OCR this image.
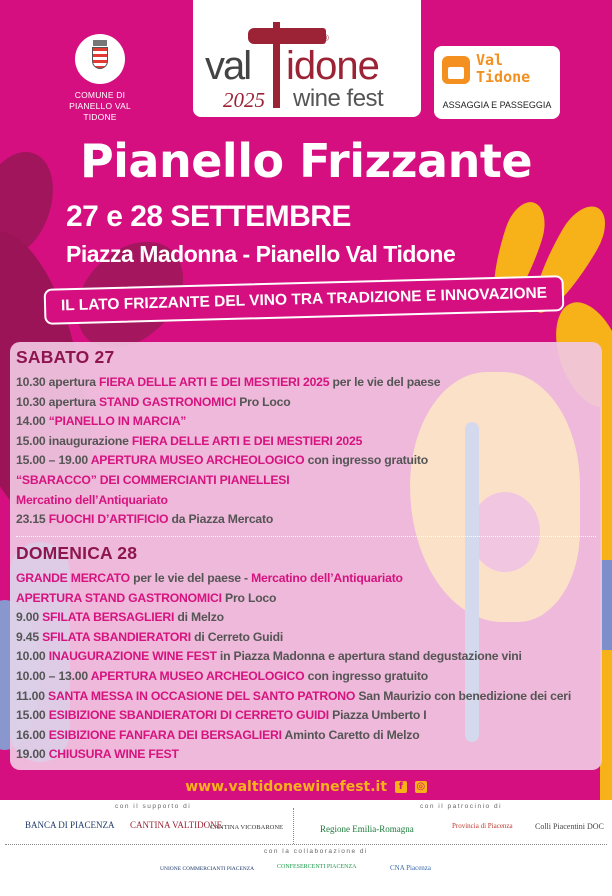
COMUNE DI
PIANELLO VAL TIDONE
®
val idone
2025 wine fest
Val
Tidone
ASSAGGIA E PASSEGGIA
Pianello Frizzante
27 e 28 SETTEMBRE
Piazza Madonna - Pianello Val Tidone
IL LATO FRIZZANTE DEL VINO TRA TRADIZIONE E INNOVAZIONE
SABATO 27
10.30 apertura FIERA DELLE ARTI E DEI MESTIERI 2025 per le vie del paese
10.30 apertura STAND GASTRONOMICI Pro Loco
14.00 “PIANELLO IN MARCIA”
15.00 inaugurazione FIERA DELLE ARTI E DEI MESTIERI 2025
15.00 – 19.00 APERTURA MUSEO ARCHEOLOGICO con ingresso gratuito
“SBARACCO” DEI COMMERCIANTI PIANELLESI
Mercatino dell’Antiquariato
23.15 FUOCHI D’ARTIFICIO da Piazza Mercato
DOMENICA 28
GRANDE MERCATO per le vie del paese - Mercatino dell’Antiquariato
APERTURA STAND GASTRONOMICI Pro Loco
9.00 SFILATA BERSAGLIERI di Melzo
9.45 SFILATA SBANDIERATORI di Cerreto Guidi
10.00 INAUGURAZIONE WINE FEST in Piazza Madonna e apertura stand degustazione vini
10.00 – 13.00 APERTURA MUSEO ARCHEOLOGICO con ingresso gratuito
11.00 SANTA MESSA IN OCCASIONE DEL SANTO PATRONO San Maurizio con benedizione dei ceri
15.00 ESIBIZIONE SBANDIERATORI DI CERRETO GUIDI Piazza Umberto I
16.00 ESIBIZIONE FANFARA DEI BERSAGLIERI Aminto Caretto di Melzo
19.00 CHIUSURA WINE FEST
www.valtidonewinefest.it f ◎
con il supporto di
BANCA DI PIACENZA CANTINA VALTIDONE
CANTINA VICOBARONE
con il patrocinio di
Regione Emilia-Romagna	Provincia di Piacenza	Colli Piacentini DOC
con la collaborazione di
UNIONE COMMERCIANTI PIACENZA	CONFESERCENTI PIACENZA	CNA Piacenza
